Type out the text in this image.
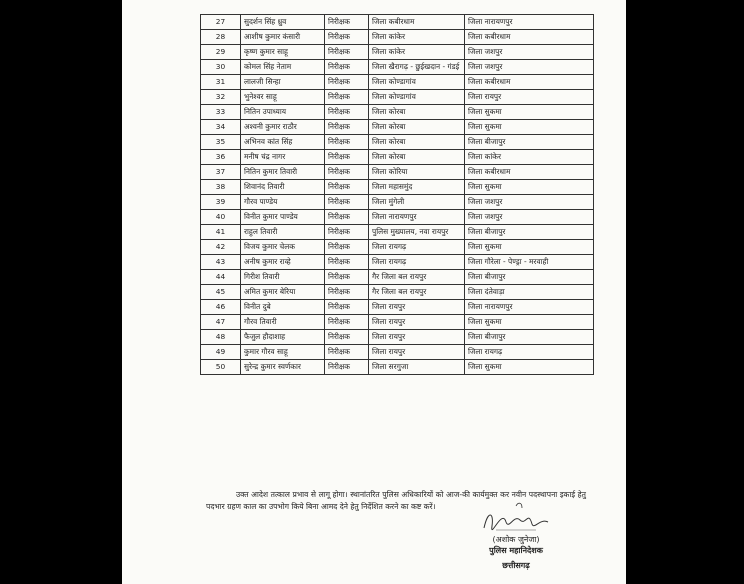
27	सुदर्शन सिंह ध्रुव	निरीक्षक	जिला कबीरधाम	जिला नारायणपुर
28	आशीष कुमार कंसारी	निरीक्षक	जिला कांकेर	जिला कबीरधाम
29	कृष्ण कुमार साहू	निरीक्षक	जिला कांकेर	जिला जशपुर
30	कोमल सिंह नेताम	निरीक्षक	जिला खैरागढ़ - छुईखदान - गंडई	जिला जशपुर
31	लालजी सिन्हा	निरीक्षक	जिला कोण्डागांव	जिला कबीरधाम
32	भुनेश्वर साहू	निरीक्षक	जिला कोण्डागांव	जिला रायपुर
33	नितिन उपाध्याय	निरीक्षक	जिला कोरबा	जिला सुकमा
34	अश्वनी कुमार राठौर	निरीक्षक	जिला कोरबा	जिला सुकमा
35	अभिनव कांत सिंह	निरीक्षक	जिला कोरबा	जिला बीजापुर
36	मनीष चंद्र नागर	निरीक्षक	जिला कोरबा	जिला कांकेर
37	नितिन कुमार तिवारी	निरीक्षक	जिला कोरिया	जिला कबीरधाम
38	शिवानंद तिवारी	निरीक्षक	जिला महासमुंद	जिला सुकमा
39	गौरव पाण्डेय	निरीक्षक	जिला मुंगेली	जिला जशपुर
40	विनीत कुमार पाण्डेय	निरीक्षक	जिला नारायणपुर	जिला जशपुर
41	राहुल तिवारी	निरीक्षक	पुलिस मुख्यालय, नवा रायपुर	जिला बीजापुर
42	विजय कुमार चेलक	निरीक्षक	जिला रायगढ़	जिला सुकमा
43	अनीष कुमार राव्हे	निरीक्षक	जिला रायगढ़	जिला गौरेला - पेण्ड्रा - मरवाही
44	गिरीश तिवारी	निरीक्षक	गैर जिला बल रायपुर	जिला बीजापुर
45	अमित कुमार बेरिया	निरीक्षक	गैर जिला बल रायपुर	जिला दंतेवाड़ा
46	विनीत दुबे	निरीक्षक	जिला रायपुर	जिला नारायणपुर
47	गौरव तिवारी	निरीक्षक	जिला रायपुर	जिला सुकमा
48	फैजुल हौदाशाह	निरीक्षक	जिला रायपुर	जिला बीजापुर
49	कुमार गौरव साहू	निरीक्षक	जिला रायपुर	जिला रायगढ़
50	सुरेन्द्र कुमार स्वर्णकार	निरीक्षक	जिला सरगुजा	जिला सुकमा
उक्त आदेश तत्काल प्रभाव से लागू होगा। स्थानांतरित पुलिस अधिकारियों को आज-की कार्यमुक्त कर नवीन पदस्थापना इकाई हेतु पदभार ग्रहण काल का उपभोग किये बिना आमद देने हेतु निर्देशित करने का कष्ट करें।
(अशोक जुनेजा)
पुलिस महानिदेशक
छत्तीसगढ़
